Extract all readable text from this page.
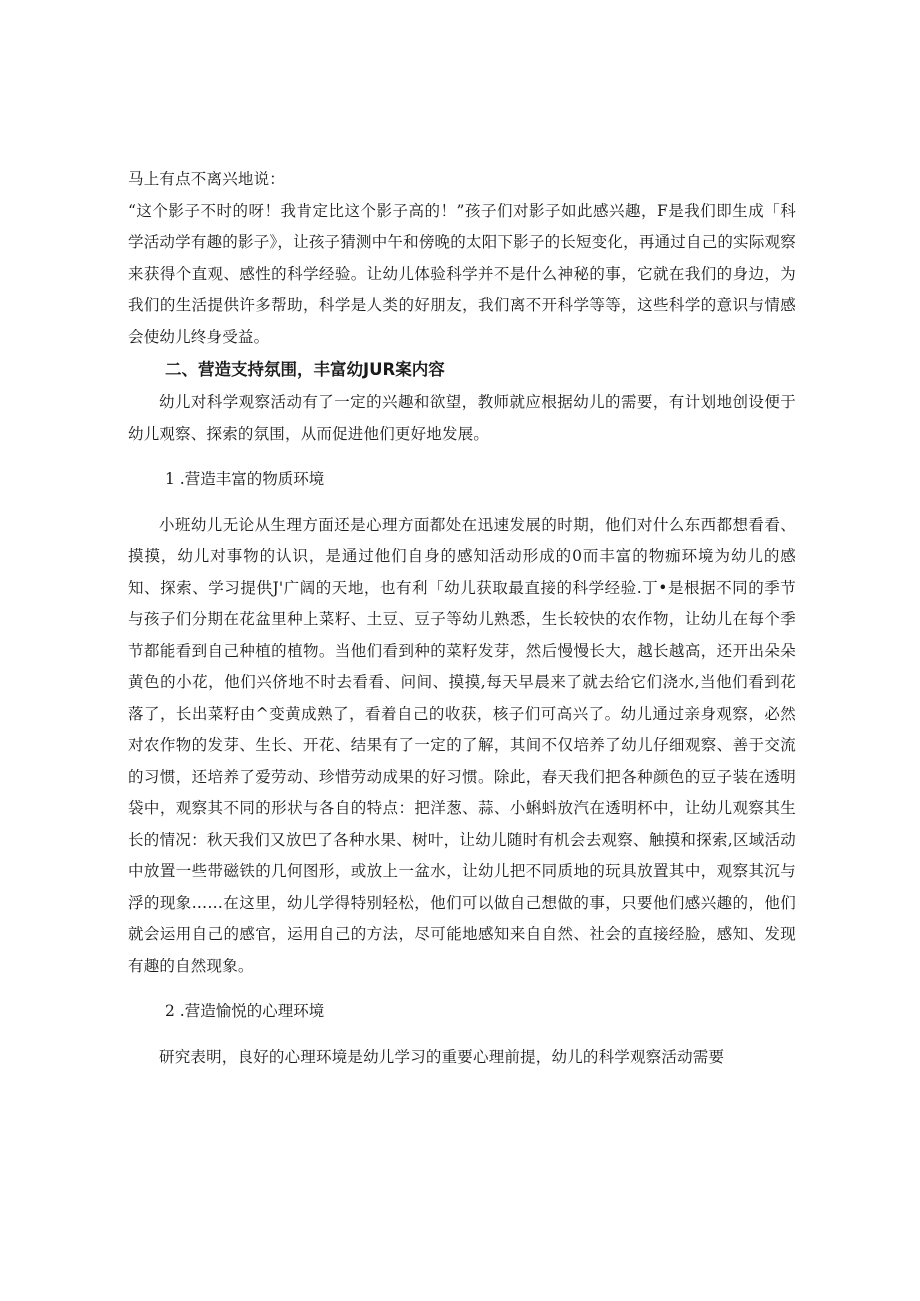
马上有点不离兴地说：

“这个影子不时的呀！我肯定比这个影子高的！”孩子们对影子如此感兴趣，F是我们即生成「科学活动学有趣的影子》，让孩子猜测中午和傍晚的太阳下影子的长短变化，再通过自己的实际观察来获得个直观、感性的科学经验。让幼儿体验科学并不是什么神秘的事，它就在我们的身边，为我们的生活提供许多帮助，科学是人类的好朋友，我们离不开科学等等，这些科学的意识与情感会使幼儿终身受益。

二、营造支持氛围，丰富幼JUR案内容

幼儿对科学观察活动有了一定的兴趣和欲望，教师就应根据幼儿的需要，有计划地创设便于幼儿观察、探索的氛围，从而促进他们更好地发展。

1 .营造丰富的物质环境

小班幼儿无论从生理方面还是心理方面都处在迅速发展的时期，他们对什么东西都想看看、摸摸，幼儿对事物的认识，是通过他们自身的感知活动形成的0而丰富的物痂环境为幼儿的感知、探索、学习提供J'广阔的天地，也有利「幼儿获取最直接的科学经验.丁•是根据不同的季节与孩子们分期在花盆里种上菜籽、土豆、豆子等幼儿熟悉，生长较快的农作物，让幼儿在每个季节都能看到自己种植的植物。当他们看到种的菜籽发芽，然后慢慢长大，越长越高，还开出朵朵黄色的小花，他们兴侪地不时去看看、问间、摸摸,每天早晨来了就去给它们浇水,当他们看到花落了，长出菜籽由^变黄成熟了，看着自己的收获，核子们可高兴了。幼儿通过亲身观察，必然对农作物的发芽、生长、开花、结果有了一定的了解，其间不仅培养了幼儿仔细观察、善于交流的习惯，还培养了爱劳动、珍惜劳动成果的好习惯。除此，春天我们把各种颜色的豆子装在透明袋中，观察其不同的形状与各自的特点：把洋葱、蒜、小蝌蚪放汽在透明杯中，让幼儿观察其生长的情况：秋天我们又放巴了各种水果、树叶，让幼儿随时有机会去观察、触摸和探索,区域活动中放置一些带磁铁的几何图形，或放上一盆水，让幼儿把不同质地的玩具放置其中，观察其沉与浮的现象……在这里，幼儿学得特别轻松，他们可以做自己想做的事，只要他们感兴趣的，他们就会运用自己的感官，运用自己的方法，尽可能地感知来自自然、社会的直接经脸，感知、发现有趣的自然现象。

2 .营造愉悦的心理环境

研究表明，良好的心理环境是幼儿学习的重要心理前提，幼儿的科学观察活动需要
